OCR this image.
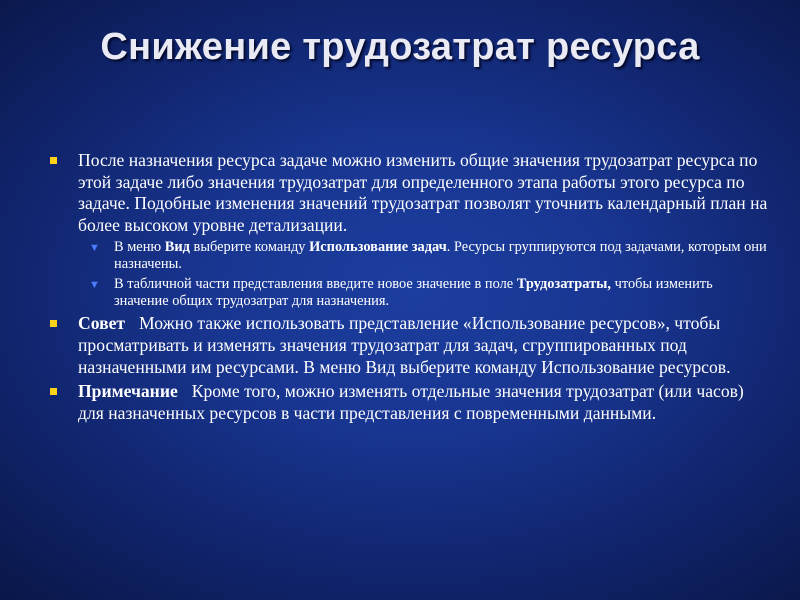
Снижение трудозатрат ресурса
После назначения ресурса задаче можно изменить общие значения трудозатрат ресурса по этой задаче либо значения трудозатрат для определенного этапа работы этого ресурса по задаче. Подобные изменения значений трудозатрат позволят уточнить календарный план на более высоком уровне детализации.
▼ В меню Вид выберите команду Использование задач. Ресурсы группируются под задачами, которым они назначены.
▼ В табличной части представления введите новое значение в поле Трудозатраты, чтобы изменить значение общих трудозатрат для назначения.
Совет Можно также использовать представление «Использование ресурсов», чтобы просматривать и изменять значения трудозатрат для задач, сгруппированных под назначенными им ресурсами. В меню Вид выберите команду Использование ресурсов.
Примечание Кроме того, можно изменять отдельные значения трудозатрат (или часов) для назначенных ресурсов в части представления с повременными данными.
